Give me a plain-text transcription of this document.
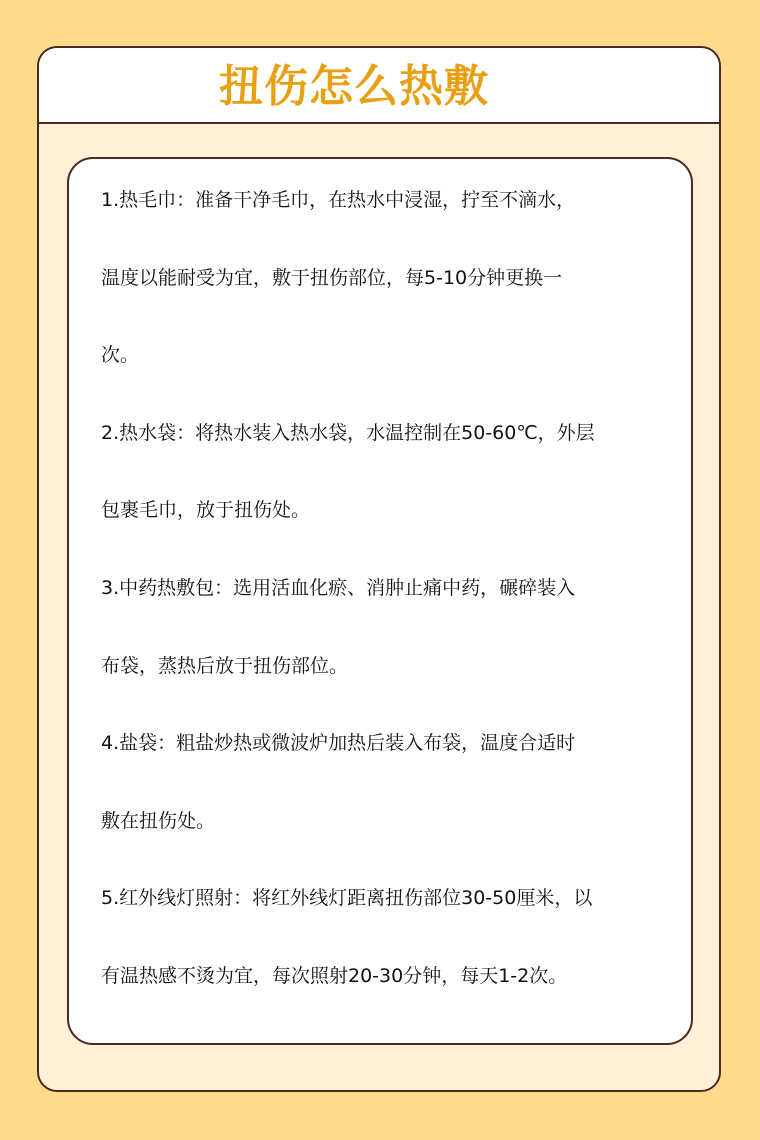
扭伤怎么热敷

1.热毛巾：准备干净毛巾，在热水中浸湿，拧至不滴水，
温度以能耐受为宜，敷于扭伤部位，每5-10分钟更换一
次。

2.热水袋：将热水装入热水袋，水温控制在50-60℃，外层
包裹毛巾，放于扭伤处。

3.中药热敷包：选用活血化瘀、消肿止痛中药，碾碎装入
布袋，蒸热后放于扭伤部位。

4.盐袋：粗盐炒热或微波炉加热后装入布袋，温度合适时
敷在扭伤处。

5.红外线灯照射：将红外线灯距离扭伤部位30-50厘米，以
有温热感不烫为宜，每次照射20-30分钟，每天1-2次。
